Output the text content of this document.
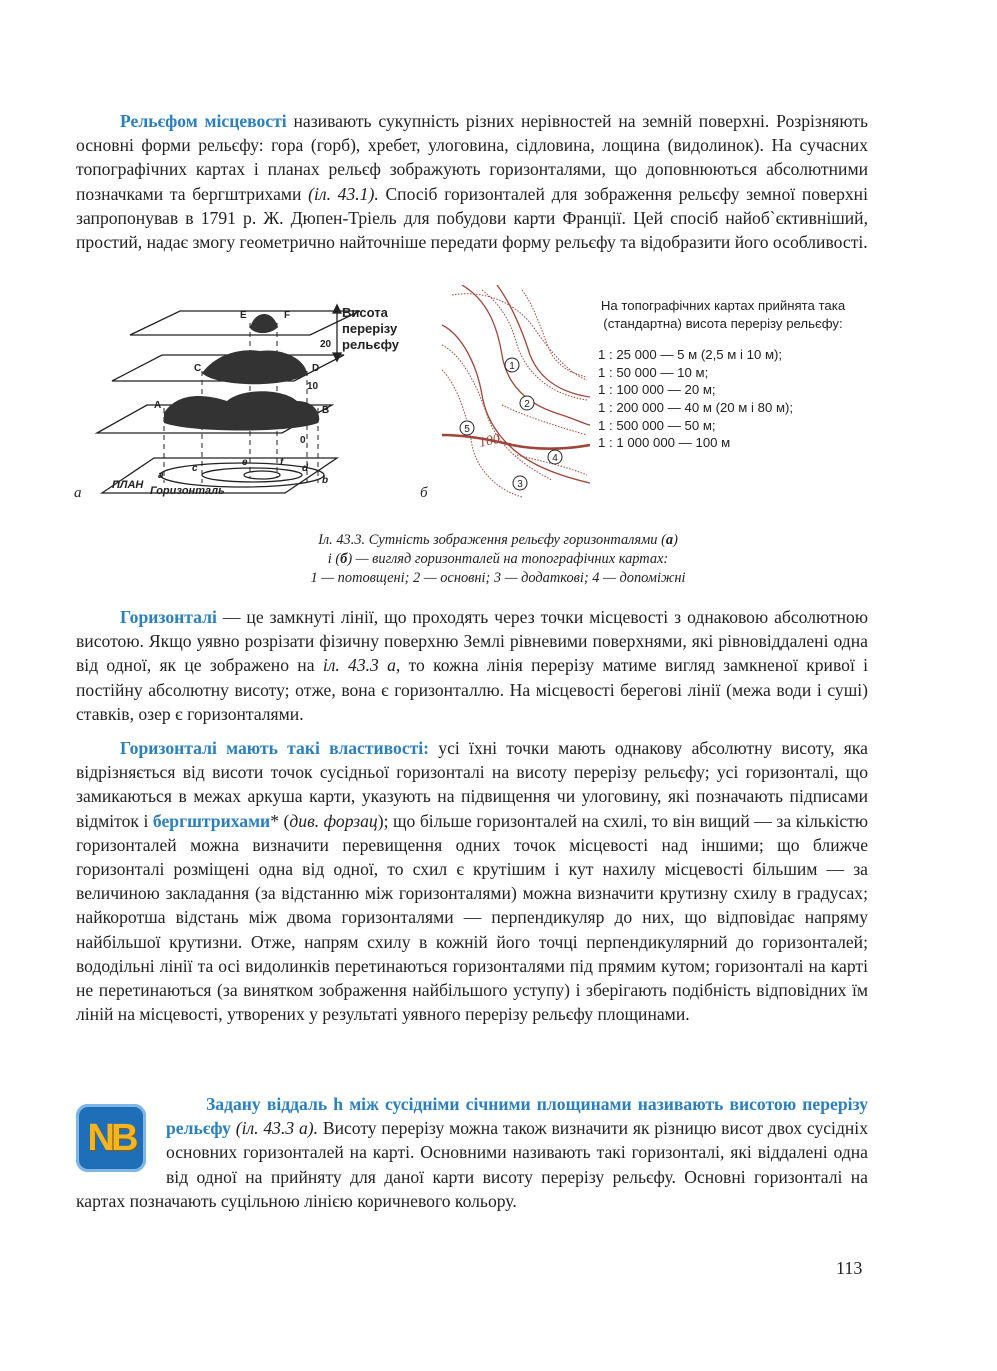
Рельєфом місцевості називають сукупність різних нерівностей на земній поверхні. Розрізняють основні форми рельєфу: гора (горб), хребет, улоговина, сідловина, лощина (видолинок). На сучасних топографічних картах і планах рельєф зображують горизонталями, що доповнюються абсолютними позначками та бергштрихами (іл. 43.1). Спосіб горизонталей для зображення рельєфу земної поверхні запропонував в 1791 р. Ж. Дюпен-Тріель для побудови карти Франції. Цей спосіб найоб`єктивніший, простий, надає змогу геометрично найточніше передати форму рельєфу та відобразити його особливості.

E	F
C	D
A	B
20
10
0
a
c
e	f
d
b
Висота
перерізу
рельєфу
ПЛАН Горизонталь
а
1
2
3
4
5
100
б
На топографічних картах прийнята така (стандартна) висота перерізу рельєфу:
1 : 25 000 — 5 м (2,5 м і 10 м);
1 : 50 000 — 10 м;
1 : 100 000 — 20 м;
1 : 200 000 — 40 м (20 м і 80 м);
1 : 500 000 — 50 м;
1 : 1 000 000 — 100 м
Іл. 43.3. Сутність зображення рельєфу горизонталями (а)
і (б) — вигляд горизонталей на топографічних картах:
1 — потовщені; 2 — основні; 3 — додаткові; 4 — допоміжні

Горизонталі — це замкнуті лінії, що проходять через точки місцевості з однаковою абсолютною висотою. Якщо уявно розрізати фізичну поверхню Землі рівневими поверхнями, які рівновіддалені одна від одної, як це зображено на іл. 43.3 а, то кожна лінія перерізу матиме вигляд замкненої кривої і постійну абсолютну висоту; отже, вона є горизонталлю. На місцевості берегові лінії (межа води і суші) ставків, озер є горизонталями.

Горизонталі мають такі властивості: усі їхні точки мають однакову абсолютну висоту, яка відрізняється від висоти точок сусідньої горизонталі на висоту перерізу рельєфу; усі горизонталі, що замикаються в межах аркуша карти, указують на підвищення чи улоговину, які позначають підписами відміток і бергштрихами* (див. форзац); що більше горизонталей на схилі, то він вищий — за кількістю горизонталей можна визначити перевищення одних точок місцевості над іншими; що ближче горизонталі розміщені одна від одної, то схил є крутішим і кут нахилу місцевості більшим — за величиною закладання (за відстанню між горизонталями) можна визначити крутизну схилу в градусах; найкоротша відстань між двома горизонталями — перпендикуляр до них, що відповідає напряму найбільшої крутизни. Отже, напрям схилу в кожній його точці перпендикулярний до горизонталей; вододільні лінії та осі видолинків перетинаються горизонталями під прямим кутом; горизонталі на карті не перетинаються (за винятком зображення найбільшого уступу) і зберігають подібність відповідних їм ліній на місцевості, утворених у результаті уявного перерізу рельєфу площинами.

NB

Задану віддаль h між сусідніми січними площинами називають висотою перерізу рельєфу (іл. 43.3 а). Висоту перерізу можна також визначити як різницю висот двох сусідніх основних горизонталей на карті. Основними називають такі горизонталі, які віддалені одна від одної на прийняту для даної карти висоту перерізу рельєфу. Основні горизонталі на картах позначають суцільною лінією коричневого кольору.

113
